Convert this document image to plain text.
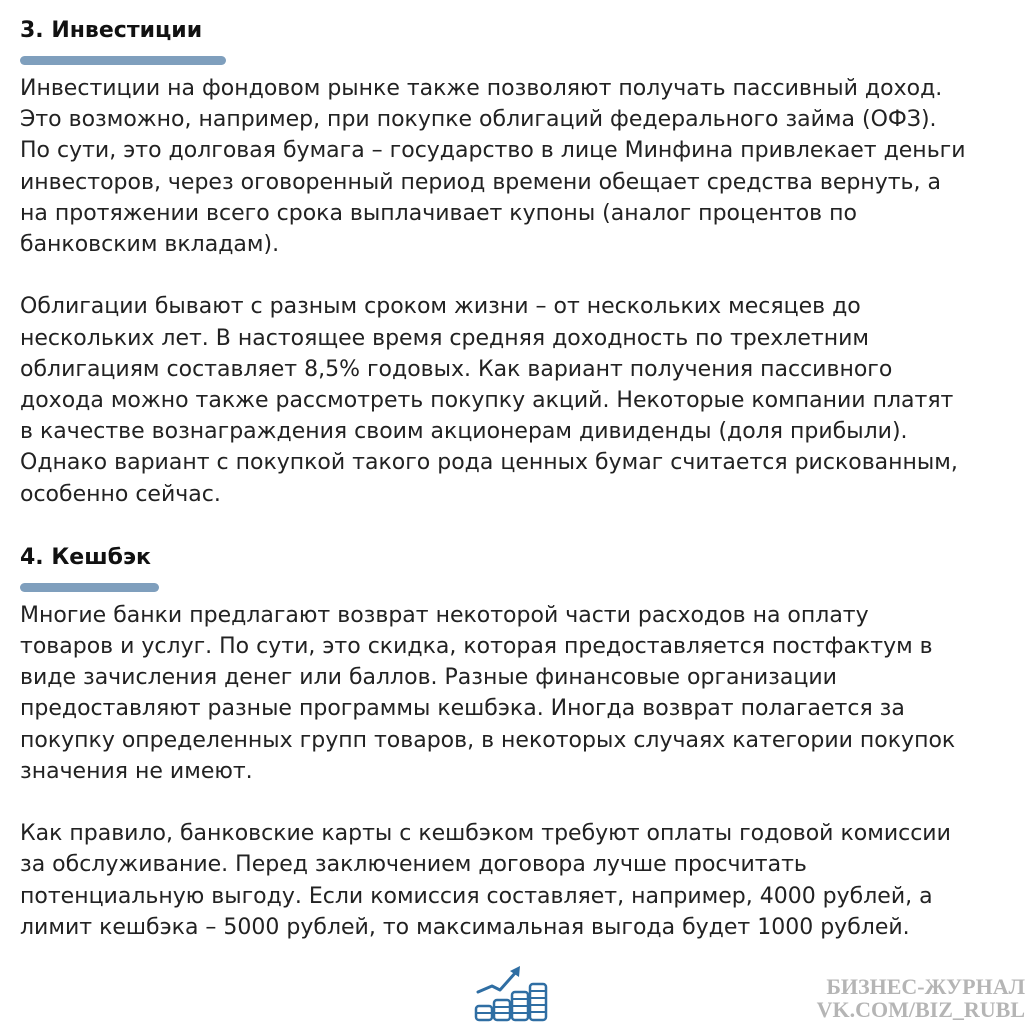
3. Инвестиции

Инвестиции на фондовом рынке также позволяют получать пассивный доход.
Это возможно, например, при покупке облигаций федерального займа (ОФЗ).
По сути, это долговая бумага – государство в лице Минфина привлекает деньги
инвесторов, через оговоренный период времени обещает средства вернуть, а
на протяжении всего срока выплачивает купоны (аналог процентов по
банковским вкладам).

Облигации бывают с разным сроком жизни – от нескольких месяцев до
нескольких лет. В настоящее время средняя доходность по трехлетним
облигациям составляет 8,5% годовых. Как вариант получения пассивного
дохода можно также рассмотреть покупку акций. Некоторые компании платят
в качестве вознаграждения своим акционерам дивиденды (доля прибыли).
Однако вариант с покупкой такого рода ценных бумаг считается рискованным,
особенно сейчас.

4. Кешбэк

Многие банки предлагают возврат некоторой части расходов на оплату
товаров и услуг. По сути, это скидка, которая предоставляется постфактум в
виде зачисления денег или баллов. Разные финансовые организации
предоставляют разные программы кешбэка. Иногда возврат полагается за
покупку определенных групп товаров, в некоторых случаях категории покупок
значения не имеют.

Как правило, банковские карты с кешбэком требуют оплаты годовой комиссии
за обслуживание. Перед заключением договора лучше просчитать
потенциальную выгоду. Если комиссия составляет, например, 4000 рублей, а
лимит кешбэка – 5000 рублей, то максимальная выгода будет 1000 рублей.

БИЗНЕС-ЖУРНАЛ
VK.COM/BIZ_RUBL
